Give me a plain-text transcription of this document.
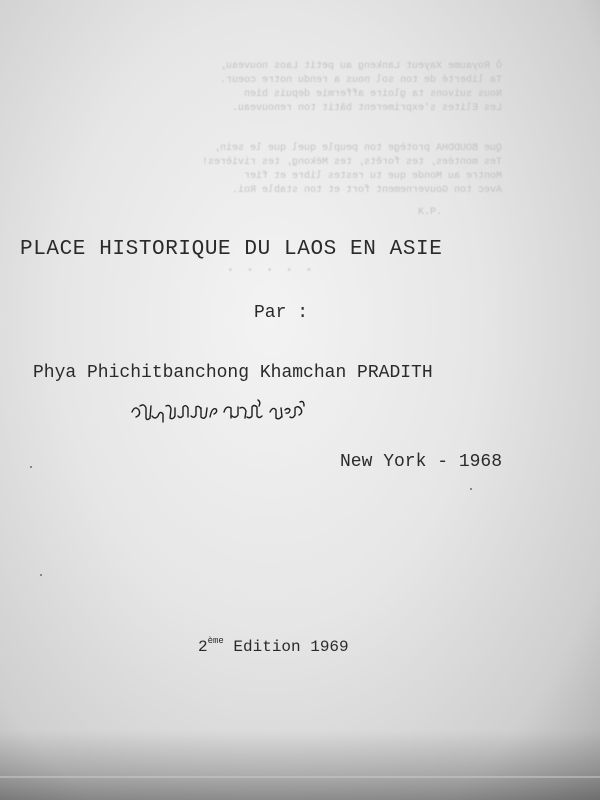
Ô Royaume Xayeut Lankeng au petit Laos nouveau,
Ta liberté de ton sol nous a rendu notre coeur.
Nous suivons ta gloire affermie depuis bien
Les Elites s'exprimerent bâtit ton renouveau.
Que BOUDDHA protège ton peuple quel que le sein,
Tes montées, tes forêts, tes Mékong, tes rivières!
Montre au Monde que tu restes libre et fier
Avec ton Gouvernement fort et ton stable Roi.
K.P.
* * * * *
PLACE HISTORIQUE DU LAOS EN ASIE
Par :
Phya Phichitbanchong Khamchan PRADITH
New York - 1968
2ème Edition 1969
